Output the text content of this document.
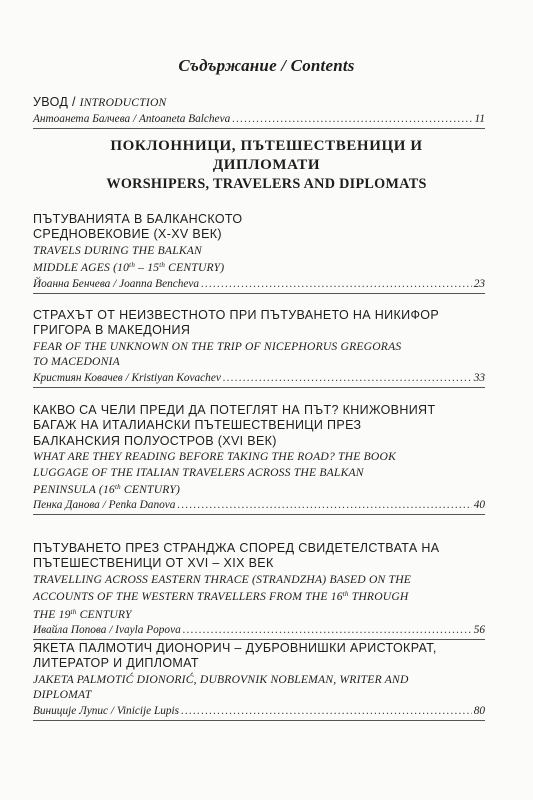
Съдържание / Contents
УВОД / INTRODUCTION
Антоанета Балчева / Antoaneta Balcheva .....	11
ПОКЛОННИЦИ, ПЪТЕШЕСТВЕНИЦИ И
ДИПЛОМАТИ
WORSHIPERS, TRAVELERS AND DIPLOMATS
ПЪТУВАНИЯТА В БАЛКАНСКОТО
СРЕДНОВЕКОВИЕ (X-XV ВЕК)
TRAVELS DURING THE BALKAN
MIDDLE AGES (10th – 15th CENTURY)
Йоанна Бенчева / Joanna Bencheva .....	23
СТРАХЪТ ОТ НЕИЗВЕСТНОТО ПРИ ПЪТУВАНЕТО НА НИКИФОР
ГРИГОРА В МАКЕДОНИЯ
FEAR OF THE UNKNOWN ON THE TRIP OF NICEPHORUS GREGORAS
TO MACEDONIA
Кристиян Ковачев / Kristiyan Kovachev .....	33
КАКВО СА ЧЕЛИ ПРЕДИ ДА ПОТЕГЛЯТ НА ПЪТ? КНИЖОВНИЯТ
БАГАЖ НА ИТАЛИАНСКИ ПЪТЕШЕСТВЕНИЦИ ПРЕЗ
БАЛКАНСКИЯ ПОЛУОСТРОВ (XVI ВЕК)
WHAT ARE THEY READING BEFORE TAKING THE ROAD? THE BOOK
LUGGAGE OF THE ITALIAN TRAVELERS ACROSS THE BALKAN
PENINSULA (16th CENTURY)
Пенка Данова / Penka Danova .....	40
ПЪТУВАНЕТО ПРЕЗ СТРАНДЖА СПОРЕД СВИДЕТЕЛСТВАТА НА
ПЪТЕШЕСТВЕНИЦИ ОТ XVI – XIX ВЕК
TRAVELLING ACROSS EASTERN THRACE (STRANDZHA) BASED ON THE
ACCOUNTS OF THE WESTERN TRAVELLERS FROM THE 16th THROUGH
THE 19th CENTURY
Ивайла Попова / Ivayla Popova .....	56
ЯКЕТА ПАЛМОТИЧ ДИОНОРИЧ – ДУБРОВНИШКИ АРИСТОКРАТ,
ЛИТЕРАТОР И ДИПЛОМАТ
JAKETA PALMOTIĆ DIONORIĆ, DUBROVNIK NOBLEMAN, WRITER AND
DIPLOMAT
Винициjе Лупис / Vinicije Lupis .....	80
